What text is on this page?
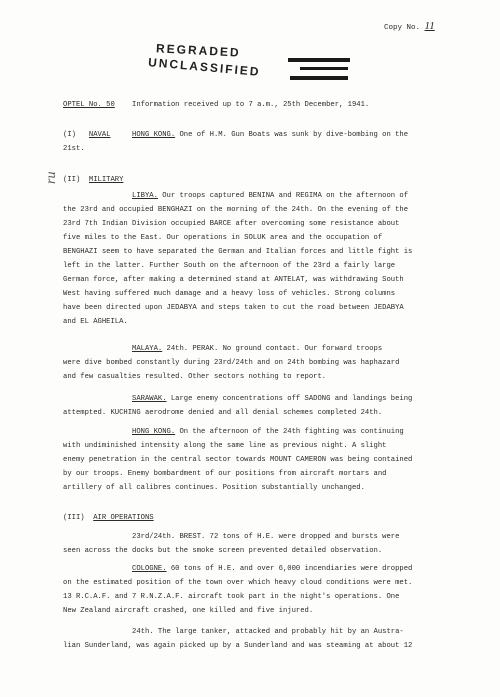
Copy No. 11
REGRADED
UNCLASSIFIED
OPTEL No. 50 Information received up to 7 a.m., 25th December, 1941.
ru
(I) NAVAL	HONG KONG. One of H.M. Gun Boats was sunk by dive-bombing on the

21st.

(II) MILITARY

LIBYA. Our troops captured BENINA and REGIMA on the afternoon of

the 23rd and occupied BENGHAZI on the morning of the 24th. On the evening of the

23rd 7th Indian Division occupied BARCE after overcoming some resistance about

five miles to the East. Our operations in SOLUK area and the occupation of

BENGHAZI seem to have separated the German and Italian forces and little fight is

left in the latter. Further South on the afternoon of the 23rd a fairly large

German force, after making a determined stand at ANTELAT, was withdrawing South

West having suffered much damage and a heavy loss of vehicles. Strong columns

have been directed upon JEDABYA and steps taken to cut the road between JEDABYA

and EL AGHEILA.

MALAYA. 24th. PERAK. No ground contact. Our forward troops

were dive bombed constantly during 23rd/24th and on 24th bombing was haphazard

and few casualties resulted. Other sectors nothing to report.

SARAWAK. Large enemy concentrations off SADONG and landings being

attempted. KUCHING aerodrome denied and all denial schemes completed 24th.

HONG KONG. On the afternoon of the 24th fighting was continuing

with undiminished intensity along the same line as previous night. A slight

enemy penetration in the central sector towards MOUNT CAMERON was being contained

by our troops. Enemy bombardment of our positions from aircraft mortars and

artillery of all calibres continues. Position substantially unchanged.

(III) AIR OPERATIONS

23rd/24th. BREST. 72 tons of H.E. were dropped and bursts were

seen across the docks but the smoke screen prevented detailed observation.

COLOGNE. 60 tons of H.E. and over 6,000 incendiaries were dropped

on the estimated position of the town over which heavy cloud conditions were met.

13 R.C.A.F. and 7 R.N.Z.A.F. aircraft took part in the night's operations. One

New Zealand aircraft crashed, one killed and five injured.

24th. The large tanker, attacked and probably hit by an Austra-

lian Sunderland, was again picked up by a Sunderland and was steaming at about 12
